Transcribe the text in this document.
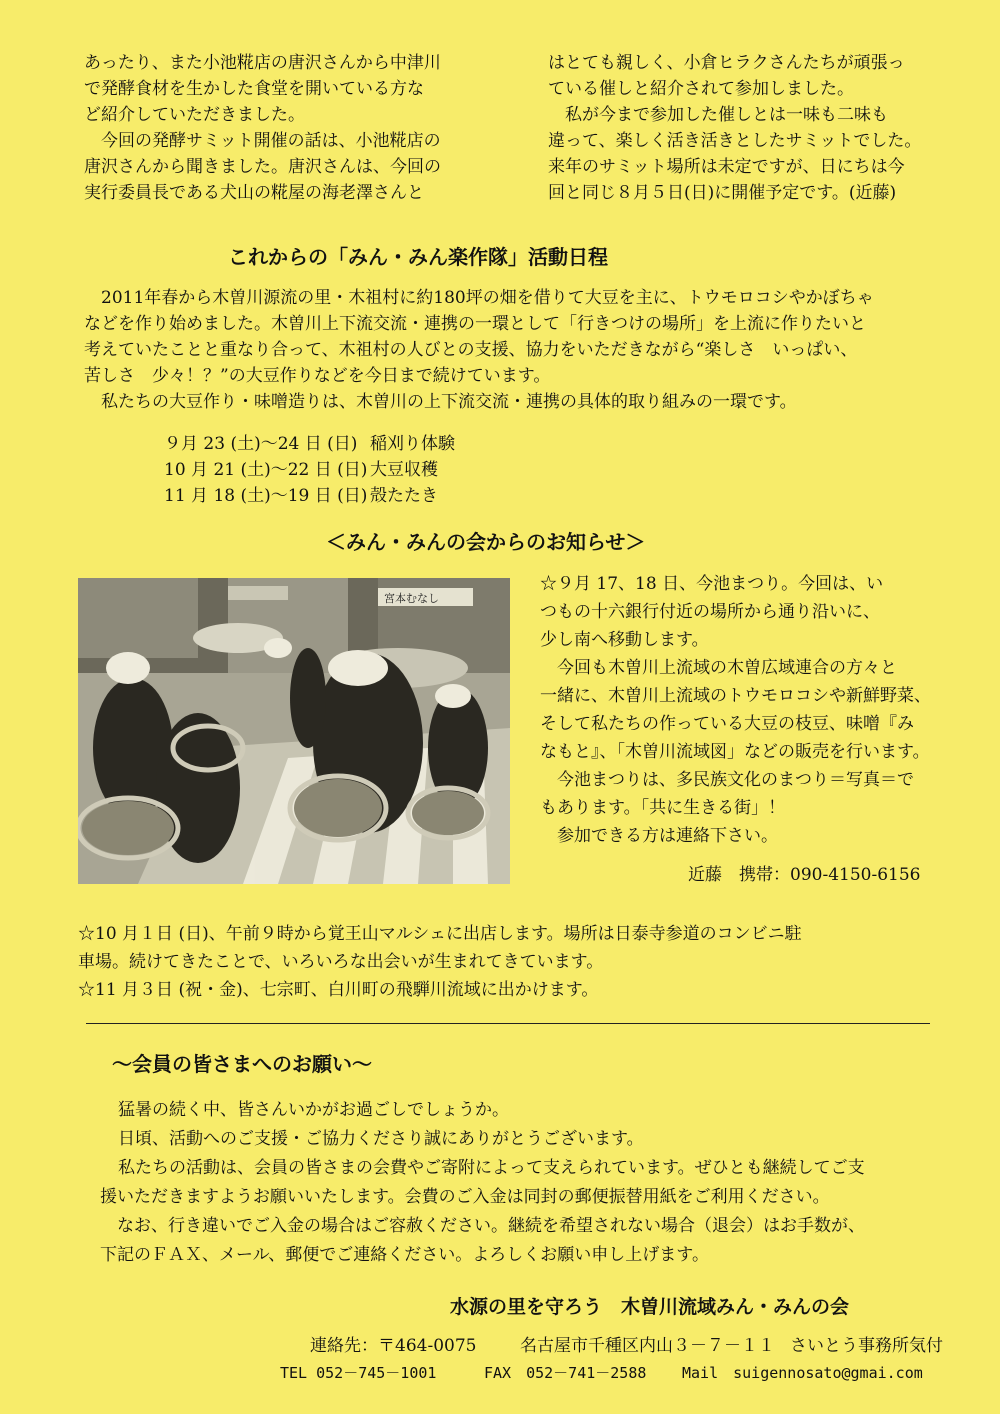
あったり、また小池糀店の唐沢さんから中津川
で発酵食材を生かした食堂を開いている方な
ど紹介していただきました。
　今回の発酵サミット開催の話は、小池糀店の
唐沢さんから聞きました。唐沢さんは、今回の
実行委員長である犬山の糀屋の海老澤さんと
はとても親しく、小倉ヒラクさんたちが頑張っ
ている催しと紹介されて参加しました。
　私が今まで参加した催しとは一味も二味も
違って、楽しく活き活きとしたサミットでした。
来年のサミット場所は未定ですが、日にちは今
回と同じ８月５日(日)に開催予定です。(近藤)
これからの「みん・みん楽作隊」活動日程
　2011年春から木曽川源流の里・木祖村に約180坪の畑を借りて大豆を主に、トウモロコシやかぼちゃ
などを作り始めました。木曽川上下流交流・連携の一環として「行きつけの場所」を上流に作りたいと
考えていたことと重なり合って、木祖村の人びとの支援、協力をいただきながら“楽しさ　いっぱい、
苦しさ　少々！？”の大豆作りなどを今日まで続けています。
　私たちの大豆作り・味噌造りは、木曽川の上下流交流・連携の具体的取り組みの一環です。
９月 23 (土)～24 日 (日) 稲刈り体験
10 月 21 (土)～22 日 (日) 大豆収穫
11 月 18 (土)～19 日 (日) 殻たたき
＜みん・みんの会からのお知らせ＞
宮本むなし
☆９月 17、18 日、今池まつり。今回は、い
つもの十六銀行付近の場所から通り沿いに、
少し南へ移動します。
　今回も木曽川上流域の木曽広域連合の方々と
一緒に、木曽川上流域のトウモロコシや新鮮野菜、
そして私たちの作っている大豆の枝豆、味噌『み
なもと』、「木曽川流域図」などの販売を行います。
　今池まつりは、多民族文化のまつり＝写真＝で
もあります。「共に生きる街」！
　参加できる方は連絡下さい。
近藤　携帯：090-4150-6156
☆10 月１日 (日)、午前９時から覚王山マルシェに出店します。場所は日泰寺参道のコンビニ駐
車場。続けてきたことで、いろいろな出会いが生まれてきています。
☆11 月３日 (祝・金)、七宗町、白川町の飛騨川流域に出かけます。
～会員の皆さまへのお願い～
猛暑の続く中、皆さんいかがお過ごしでしょうか。
日頃、活動へのご支援・ご協力くださり誠にありがとうございます。
私たちの活動は、会員の皆さまの会費やご寄附によって支えられています。ぜひとも継続してご支
援いただきますようお願いいたします。会費のご入金は同封の郵便振替用紙をご利用ください。
　なお、行き違いでご入金の場合はご容赦ください。継続を希望されない場合（退会）はお手数が、
下記のＦＡＸ、メール、郵便でご連絡ください。よろしくお願い申し上げます。
水源の里を守ろう　木曽川流域みん・みんの会
連絡先：〒464-0075	名古屋市千種区内山３－７－１１ さいとう事務所気付
TEL 052－745－1001	FAX　052－741－2588 Mail　suigennosato@gmai.com
